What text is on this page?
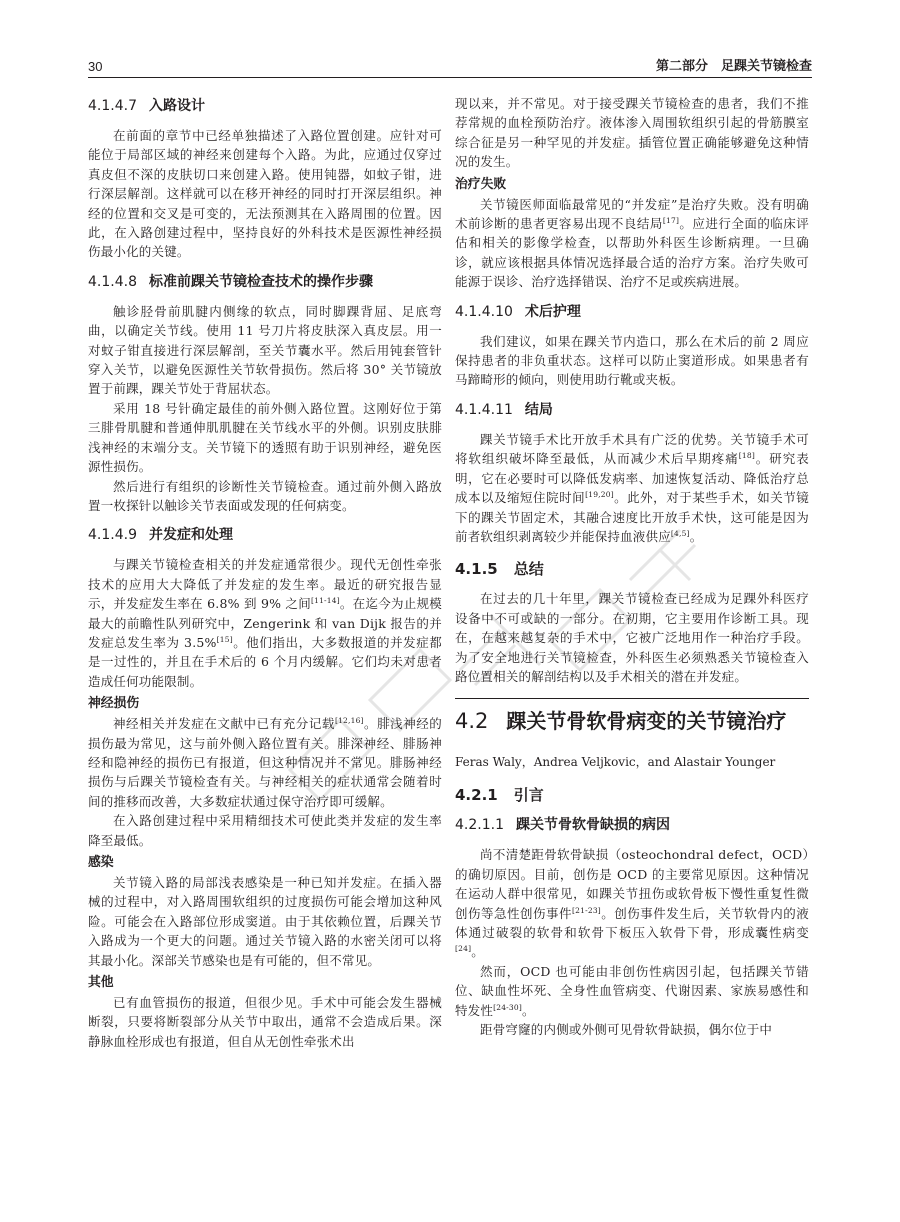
30	第二部分　足踝关节镜检查
4.1.4.7 入路设计

在前面的章节中已经单独描述了入路位置创建。应针对可能位于局部区域的神经来创建每个入路。为此，应通过仅穿过真皮但不深的皮肤切口来创建入路。使用钝器，如蚊子钳，进行深层解剖。这样就可以在移开神经的同时打开深层组织。神经的位置和交叉是可变的，无法预测其在入路周围的位置。因此，在入路创建过程中，坚持良好的外科技术是医源性神经损伤最小化的关键。

4.1.4.8 标准前踝关节镜检查技术的操作步骤

触诊胫骨前肌腱内侧缘的软点，同时脚踝背屈、足底弯曲，以确定关节线。使用 11 号刀片将皮肤深入真皮层。用一对蚊子钳直接进行深层解剖，至关节囊水平。然后用钝套管针穿入关节，以避免医源性关节软骨损伤。然后将 30° 关节镜放置于前踝，踝关节处于背屈状态。

采用 18 号针确定最佳的前外侧入路位置。这刚好位于第三腓骨肌腱和普通伸肌肌腱在关节线水平的外侧。识别皮肤腓浅神经的末端分支。关节镜下的透照有助于识别神经，避免医源性损伤。

然后进行有组织的诊断性关节镜检查。通过前外侧入路放置一枚探针以触诊关节表面或发现的任何病变。

4.1.4.9 并发症和处理

与踝关节镜检查相关的并发症通常很少。现代无创性牵张技术的应用大大降低了并发症的发生率。最近的研究报告显示，并发症发生率在 6.8% 到 9% 之间[11-14]。在迄今为止规模最大的前瞻性队列研究中，Zengerink 和 van Dijk 报告的并发症总发生率为 3.5%[15]。他们指出，大多数报道的并发症都是一过性的，并且在手术后的 6 个月内缓解。它们均未对患者造成任何功能限制。

神经损伤

神经相关并发症在文献中已有充分记载[12,16]。腓浅神经的损伤最为常见，这与前外侧入路位置有关。腓深神经、腓肠神经和隐神经的损伤已有报道，但这种情况并不常见。腓肠神经损伤与后踝关节镜检查有关。与神经相关的症状通常会随着时间的推移而改善，大多数症状通过保守治疗即可缓解。

在入路创建过程中采用精细技术可使此类并发症的发生率降至最低。

感染

关节镜入路的局部浅表感染是一种已知并发症。在插入器械的过程中，对入路周围软组织的过度损伤可能会增加这种风险。可能会在入路部位形成窦道。由于其依赖位置，后踝关节入路成为一个更大的问题。通过关节镜入路的水密关闭可以将其最小化。深部关节感染也是有可能的，但不常见。

其他

已有血管损伤的报道，但很少见。手术中可能会发生器械断裂，只要将断裂部分从关节中取出，通常不会造成后果。深静脉血栓形成也有报道，但自从无创性牵张术出

现以来，并不常见。对于接受踝关节镜检查的患者，我们不推荐常规的血栓预防治疗。液体渗入周围软组织引起的骨筋膜室综合征是另一种罕见的并发症。插管位置正确能够避免这种情况的发生。

治疗失败

关节镜医师面临最常见的“并发症”是治疗失败。没有明确术前诊断的患者更容易出现不良结局[17]。应进行全面的临床评估和相关的影像学检查，以帮助外科医生诊断病理。一旦确诊，就应该根据具体情况选择最合适的治疗方案。治疗失败可能源于误诊、治疗选择错误、治疗不足或疾病进展。

4.1.4.10 术后护理

我们建议，如果在踝关节内造口，那么在术后的前 2 周应保持患者的非负重状态。这样可以防止窦道形成。如果患者有马蹄畸形的倾向，则使用助行靴或夹板。

4.1.4.11 结局

踝关节镜手术比开放手术具有广泛的优势。关节镜手术可将软组织破坏降至最低，从而减少术后早期疼痛[18]。研究表明，它在必要时可以降低发病率、加速恢复活动、降低治疗总成本以及缩短住院时间[19,20]。此外，对于某些手术，如关节镜下的踝关节固定术，其融合速度比开放手术快，这可能是因为前者软组织剥离较少并能保持血液供应[4,5]。

4.1.5 总结

在过去的几十年里，踝关节镜检查已经成为足踝外科医疗设备中不可或缺的一部分。在初期，它主要用作诊断工具。现在，在越来越复杂的手术中，它被广泛地用作一种治疗手段。为了安全地进行关节镜检查，外科医生必须熟悉关节镜检查入路位置相关的解剖结构以及手术相关的潜在并发症。

4.2 踝关节骨软骨病变的关节镜治疗
Feras Waly，Andrea Veljkovic，and Alastair Younger
4.2.1 引言
4.2.1.1 踝关节骨软骨缺损的病因

尚不清楚距骨软骨缺损（osteochondral defect，OCD）的确切原因。目前，创伤是 OCD 的主要常见原因。这种情况在运动人群中很常见，如踝关节扭伤或软骨板下慢性重复性微创伤等急性创伤事件[21-23]。创伤事件发生后，关节软骨内的液体通过破裂的软骨和软骨下板压入软骨下骨，形成囊性病变[24]。

然而，OCD 也可能由非创伤性病因引起，包括踝关节错位、缺血性坏死、全身性血管病变、代谢因素、家族易感性和特发性[24-30]。

距骨穹窿的内侧或外侧可见骨软骨缺损，偶尔位于中
